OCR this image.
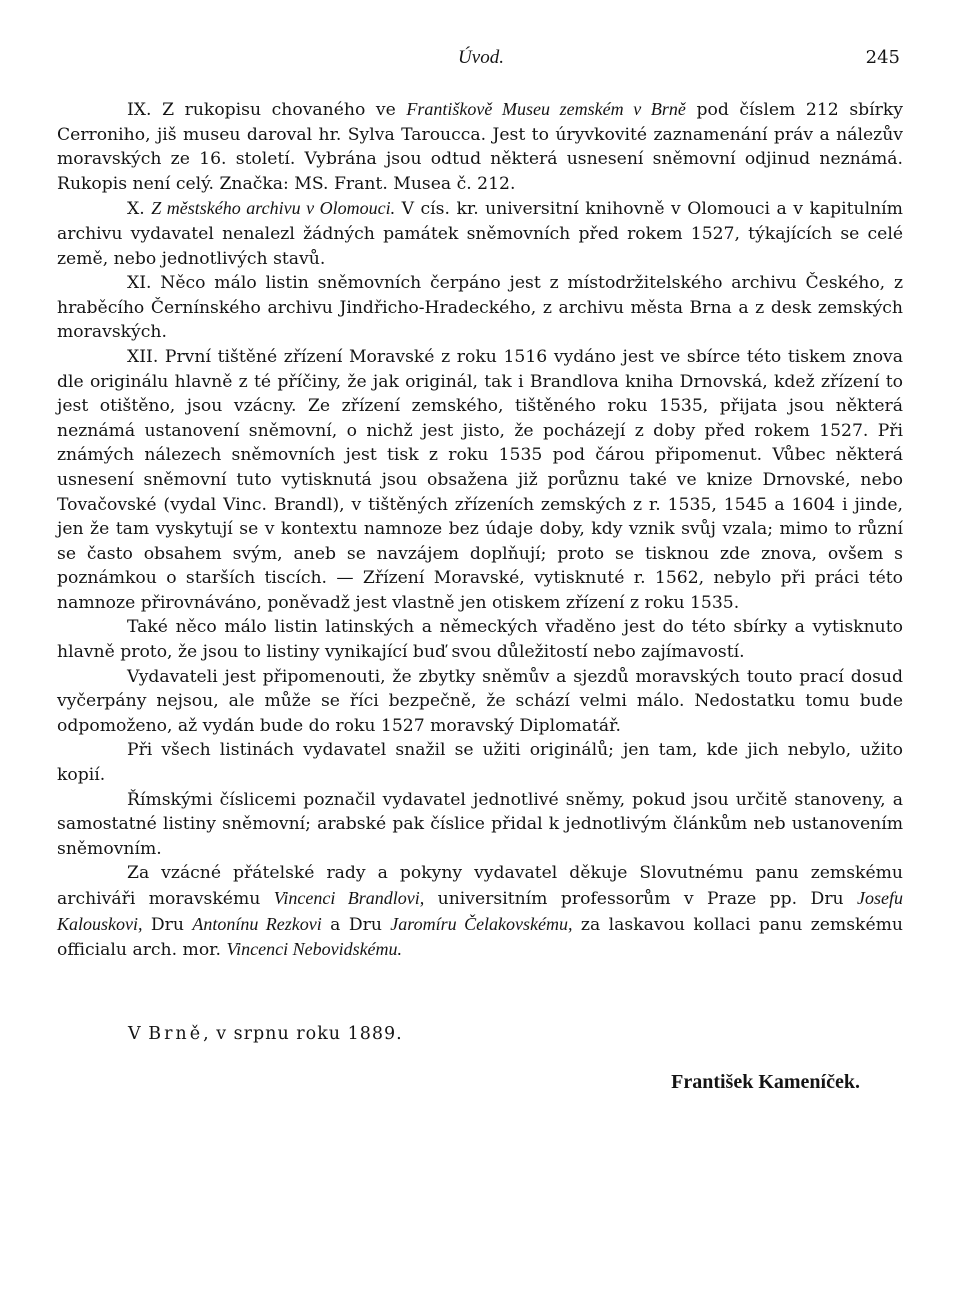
Úvod.	245

IX. Z rukopisu chovaného ve Františkově Museu zemském v Brně pod číslem 212 sbírky Cerroniho, jiš museu daroval hr. Sylva Taroucca. Jest to úryvkovité zaznamenání práv a nálezův moravských ze 16. století. Vybrána jsou odtud některá usnesení sněmovní odjinud neznámá. Rukopis není celý. Značka: MS. Frant. Musea č. 212.

X. Z městského archivu v Olomouci. V cís. kr. universitní knihovně v Olomouci a v kapitulním archivu vydavatel nenalezl žádných památek sněmovních před rokem 1527, týkajících se celé země, nebo jednotlivých stavů.

XI. Něco málo listin sněmovních čerpáno jest z místodržitelského archivu Českého, z hraběcího Černínského archivu Jindřicho-Hradeckého, z archivu města Brna a z desk zemských moravských.

XII. První tištěné zřízení Moravské z roku 1516 vydáno jest ve sbírce této tiskem znova dle originálu hlavně z té příčiny, že jak originál, tak i Brandlova kniha Drnovská, kdež zřízení to jest otištěno, jsou vzácny. Ze zřízení zemského, tištěného roku 1535, přijata jsou některá neznámá ustanovení sněmovní, o nichž jest jisto, že pocházejí z doby před rokem 1527. Při známých nálezech sněmovních jest tisk z roku 1535 pod čárou připomenut. Vůbec některá usnesení sněmovní tuto vytisknutá jsou obsažena již porůznu také ve knize Drnovské, nebo Tovačovské (vydal Vinc. Brandl), v tištěných zřízeních zemských z r. 1535, 1545 a 1604 i jinde, jen že tam vyskytují se v kontextu namnoze bez údaje doby, kdy vznik svůj vzala; mimo to různí se často obsahem svým, aneb se navzájem doplňují; proto se tisknou zde znova, ovšem s poznámkou o starších tiscích. — Zřízení Moravské, vytisknuté r. 1562, nebylo při práci této namnoze přirovnáváno, poněvadž jest vlastně jen otiskem zřízení z roku 1535.

Také něco málo listin latinských a německých vřaděno jest do této sbírky a vytisknuto hlavně proto, že jsou to listiny vynikající buď svou důležitostí nebo zajímavostí.

Vydavateli jest připomenouti, že zbytky sněmův a sjezdů moravských touto prací dosud vyčerpány nejsou, ale může se říci bezpečně, že schází velmi málo. Nedostatku tomu bude odpomoženo, až vydán bude do roku 1527 moravský Diplomatář.

Při všech listinách vydavatel snažil se užiti originálů; jen tam, kde jich nebylo, užito kopií.

Římskými číslicemi poznačil vydavatel jednotlivé sněmy, pokud jsou určitě stanoveny, a samostatné listiny sněmovní; arabské pak číslice přidal k jednotlivým článkům neb ustanovením sněmovním.

Za vzácné přátelské rady a pokyny vydavatel děkuje Slovutnému panu zemskému archiváři moravskému Vincenci Brandlovi, universitním professorům v Praze pp. Dru Josefu Kalouskovi, Dru Antonínu Rezkovi a Dru Jaromíru Čelakovskému, za laskavou kollaci panu zemskému officialu arch. mor. Vincenci Nebovidskému.

V Brně, v srpnu roku 1889.
František Kameníček.
